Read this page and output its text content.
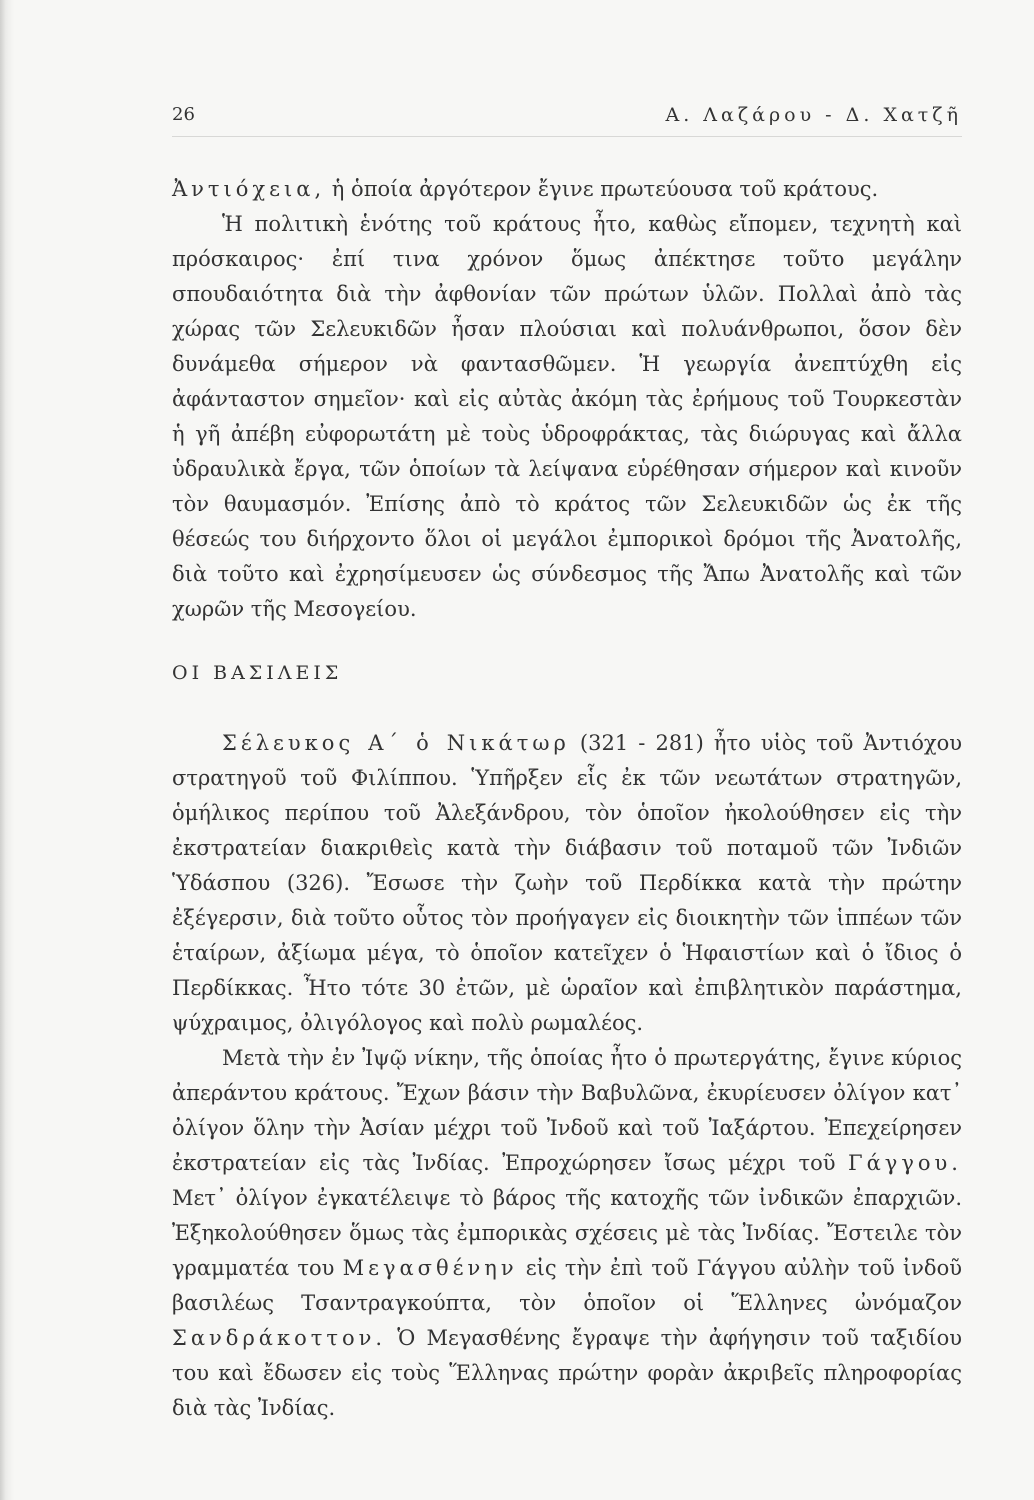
26	Α. Λαζάρου - Δ. Χατζῆ

Ἀντιόχεια, ἡ ὁποία ἀργότερον ἔγινε πρωτεύουσα τοῦ κράτους.

Ἡ πολιτικὴ ἑνότης τοῦ κράτους ἦτο, καθὼς εἴπομεν, τεχνητὴ καὶ πρόσκαιρος· ἐπί τινα χρόνον ὅμως ἀπέκτησε τοῦτο μεγάλην σπουδαιότητα διὰ τὴν ἀφθονίαν τῶν πρώτων ὑλῶν. Πολλαὶ ἀπὸ τὰς χώρας τῶν Σελευκιδῶν ἦσαν πλούσιαι καὶ πολυάνθρωποι, ὅσον δὲν δυνάμεθα σήμερον νὰ φαντασθῶμεν. Ἡ γεωργία ἀνεπτύχθη εἰς ἀφάνταστον σημεῖον· καὶ εἰς αὐτὰς ἀκόμη τὰς ἐρήμους τοῦ Τουρκεστὰν ἡ γῆ ἀπέβη εὐφορωτάτη μὲ τοὺς ὑδροφράκτας, τὰς διώρυγας καὶ ἄλλα ὑδραυλικὰ ἔργα, τῶν ὁποίων τὰ λείψανα εὑρέθησαν σήμερον καὶ κινοῦν τὸν θαυμασμόν. Ἐπίσης ἀπὸ τὸ κράτος τῶν Σελευκιδῶν ὡς ἐκ τῆς θέσεώς του διήρχοντο ὅλοι οἱ μεγάλοι ἐμπορικοὶ δρόμοι τῆς Ἀνατολῆς, διὰ τοῦτο καὶ ἐχρησίμευσεν ὡς σύνδεσμος τῆς Ἄπω Ἀνατολῆς καὶ τῶν χωρῶν τῆς Μεσογείου.

ΟΙ ΒΑΣΙΛΕΙΣ

Σέλευκος Α΄ ὁ Νικάτωρ (321 - 281) ἦτο υἱὸς τοῦ Ἀντιόχου στρατηγοῦ τοῦ Φιλίππου. Ὑπῆρξεν εἷς ἐκ τῶν νεωτάτων στρατηγῶν, ὁμήλικος περίπου τοῦ Ἀλεξάνδρου, τὸν ὁποῖον ἠκολούθησεν εἰς τὴν ἐκστρατείαν διακριθεὶς κατὰ τὴν διάβασιν τοῦ ποταμοῦ τῶν Ἰνδιῶν Ὑδάσπου (326). Ἔσωσε τὴν ζωὴν τοῦ Περδίκκα κατὰ τὴν πρώτην ἐξέγερσιν, διὰ τοῦτο οὗτος τὸν προήγαγεν εἰς διοικητὴν τῶν ἱππέων τῶν ἑταίρων, ἀξίωμα μέγα, τὸ ὁποῖον κατεῖχεν ὁ Ἡφαιστίων καὶ ὁ ἴδιος ὁ Περδίκκας. Ἦτο τότε 30 ἐτῶν, μὲ ὡραῖον καὶ ἐπιβλητικὸν παράστημα, ψύχραιμος, ὀλιγόλογος καὶ πολὺ ρωμαλέος.

Μετὰ τὴν ἐν Ἰψῷ νίκην, τῆς ὁποίας ἦτο ὁ πρωτεργάτης, ἔγινε κύριος ἀπεράντου κράτους. Ἔχων βάσιν τὴν Βαβυλῶνα, ἐκυρίευσεν ὀλίγον κατ᾽ ὀλίγον ὅλην τὴν Ἀσίαν μέχρι τοῦ Ἰνδοῦ καὶ τοῦ Ἰαξάρτου. Ἐπεχείρησεν ἐκστρατείαν εἰς τὰς Ἰνδίας. Ἐπροχώρησεν ἴσως μέχρι τοῦ Γάγγου. Μετ᾽ ὀλίγον ἐγκατέλειψε τὸ βάρος τῆς κατοχῆς τῶν ἰνδικῶν ἐπαρχιῶν. Ἐξηκολούθησεν ὅμως τὰς ἐμπορικὰς σχέσεις μὲ τὰς Ἰνδίας. Ἔστειλε τὸν γραμματέα του Μεγασθένην εἰς τὴν ἐπὶ τοῦ Γάγγου αὐλὴν τοῦ ἰνδοῦ βασιλέως Τσαντραγκούπτα, τὸν ὁποῖον οἱ Ἕλληνες ὠνόμαζον Σανδράκοττον. Ὁ Μεγασθένης ἔγραψε τὴν ἀφήγησιν τοῦ ταξιδίου του καὶ ἔδωσεν εἰς τοὺς Ἕλληνας πρώτην φορὰν ἀκριβεῖς πληροφορίας διὰ τὰς Ἰνδίας.
